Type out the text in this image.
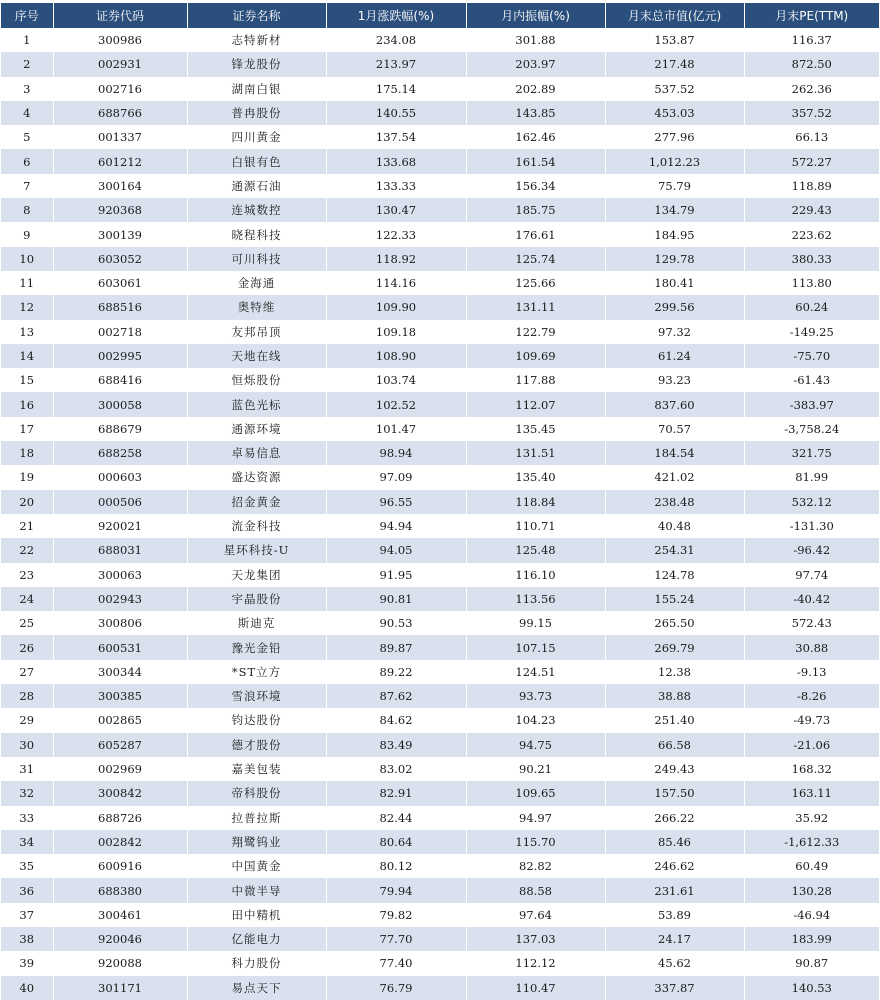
序号	证券代码	证券名称	1月涨跌幅(%)	月内振幅(%)	月末总市值(亿元)	月末PE(TTM)
1	300986	志特新材	234.08	301.88	153.87	116.37
2	002931	锋龙股份	213.97	203.97	217.48	872.50
3	002716	湖南白银	175.14	202.89	537.52	262.36
4	688766	普冉股份	140.55	143.85	453.03	357.52
5	001337	四川黄金	137.54	162.46	277.96	66.13
6	601212	白银有色	133.68	161.54	1,012.23	572.27
7	300164	通源石油	133.33	156.34	75.79	118.89
8	920368	连城数控	130.47	185.75	134.79	229.43
9	300139	晓程科技	122.33	176.61	184.95	223.62
10	603052	可川科技	118.92	125.74	129.78	380.33
11	603061	金海通	114.16	125.66	180.41	113.80
12	688516	奥特维	109.90	131.11	299.56	60.24
13	002718	友邦吊顶	109.18	122.79	97.32	-149.25
14	002995	天地在线	108.90	109.69	61.24	-75.70
15	688416	恒烁股份	103.74	117.88	93.23	-61.43
16	300058	蓝色光标	102.52	112.07	837.60	-383.97
17	688679	通源环境	101.47	135.45	70.57	-3,758.24
18	688258	卓易信息	98.94	131.51	184.54	321.75
19	000603	盛达资源	97.09	135.40	421.02	81.99
20	000506	招金黄金	96.55	118.84	238.48	532.12
21	920021	流金科技	94.94	110.71	40.48	-131.30
22	688031	星环科技-U	94.05	125.48	254.31	-96.42
23	300063	天龙集团	91.95	116.10	124.78	97.74
24	002943	宇晶股份	90.81	113.56	155.24	-40.42
25	300806	斯迪克	90.53	99.15	265.50	572.43
26	600531	豫光金铅	89.87	107.15	269.79	30.88
27	300344	*ST立方	89.22	124.51	12.38	-9.13
28	300385	雪浪环境	87.62	93.73	38.88	-8.26
29	002865	钧达股份	84.62	104.23	251.40	-49.73
30	605287	德才股份	83.49	94.75	66.58	-21.06
31	002969	嘉美包装	83.02	90.21	249.43	168.32
32	300842	帝科股份	82.91	109.65	157.50	163.11
33	688726	拉普拉斯	82.44	94.97	266.22	35.92
34	002842	翔鹭钨业	80.64	115.70	85.46	-1,612.33
35	600916	中国黄金	80.12	82.82	246.62	60.49
36	688380	中微半导	79.94	88.58	231.61	130.28
37	300461	田中精机	79.82	97.64	53.89	-46.94
38	920046	亿能电力	77.70	137.03	24.17	183.99
39	920088	科力股份	77.40	112.12	45.62	90.87
40	301171	易点天下	76.79	110.47	337.87	140.53
